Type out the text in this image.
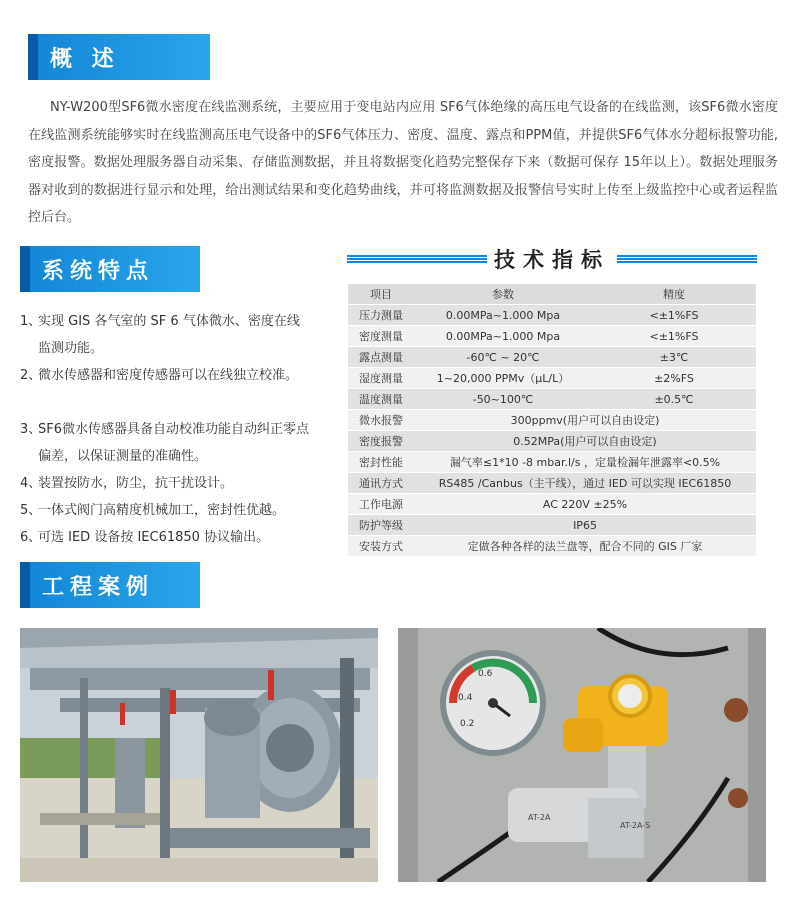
概 述
NY-W200型SF6微水密度在线监测系统，主要应用于变电站内应用 SF6气体绝缘的高压电气设备的在线监测，该SF6微水密度在线监测系统能够实时在线监测高压电气设备中的SF6气体压力、密度、温度、露点和PPM值，并提供SF6气体水分超标报警功能,密度报警。数据处理服务器自动采集、存储监测数据，并且将数据变化趋势完整保存下来（数据可保存 15年以上）。数据处理服务器对收到的数据进行显示和处理，给出测试结果和变化趋势曲线，并可将监测数据及报警信号实时上传至上级监控中心或者运程监控后台。
系统特点
1、实现 GIS 各气室的 SF 6 气体微水、密度在线
监测功能。
2、微水传感器和密度传感器可以在线独立校准。
3、SF6微水传感器具备自动校准功能自动纠正零点
偏差，以保证测量的准确性。
4、装置按防水，防尘，抗干扰设计。
5、一体式阀门高精度机械加工，密封性优越。
6、可选 IED 设备按 IEC61850 协议输出。
技术指标
项目	参数	精度
压力测量	0.00MPa~1.000 Mpa	<±1%FS
密度测量	0.00MPa~1.000 Mpa	<±1%FS
露点测量	-60℃ ~ 20℃	±3℃
湿度测量	1~20,000 PPMv（μL/L）	±2%FS
温度测量	-50~100℃	±0.5℃
微水报警	300ppmv(用户可以自由设定)	
密度报警	0.52MPa(用户可以自由设定)	
密封性能	漏气率≤1*10 -8 mbar.l/s ，定量检漏年泄露率<0.5%	
通讯方式	RS485 /Canbus（主干线），通过 IED 可以实现 IEC61850	
工作电源	AC 220V ±25%	
防护等级	IP65	
安装方式	定做各种各样的法兰盘等，配合不同的 GIS 厂家	
工程案例
0.2
0.4
0.6
AT-2A
AT-2A-S
